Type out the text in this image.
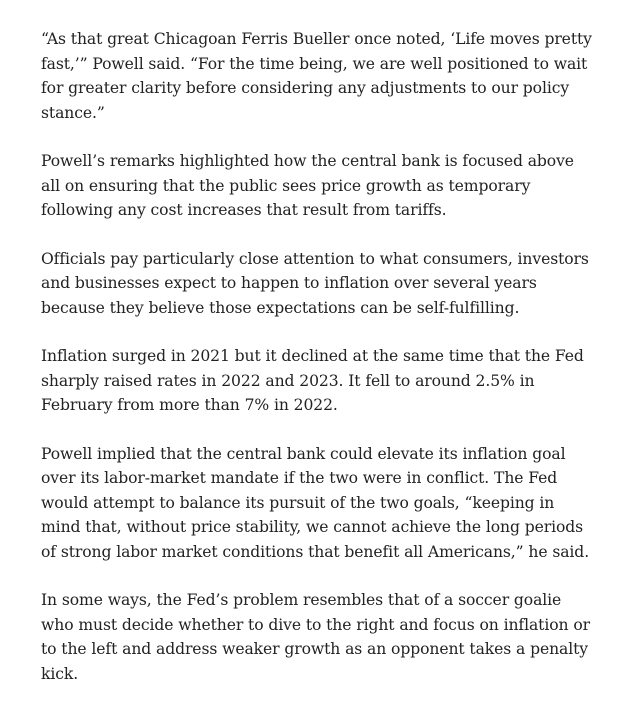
“As that great Chicagoan Ferris Bueller once noted, ‘Life moves pretty fast,’” Powell said. “For the time being, we are well positioned to wait for greater clarity before considering any adjustments to our policy stance.”

Powell’s remarks highlighted how the central bank is focused above all on ensuring that the public sees price growth as temporary following any cost increases that result from tariffs.

Officials pay particularly close attention to what consumers, investors and businesses expect to happen to inflation over several years because they believe those expectations can be self-fulfilling.

Inflation surged in 2021 but it declined at the same time that the Fed sharply raised rates in 2022 and 2023. It fell to around 2.5% in February from more than 7% in 2022.

Powell implied that the central bank could elevate its inflation goal over its labor-market mandate if the two were in conflict. The Fed would attempt to balance its pursuit of the two goals, “keeping in mind that, without price stability, we cannot achieve the long periods of strong labor market conditions that benefit all Americans,” he said.

In some ways, the Fed’s problem resembles that of a soccer goalie who must decide whether to dive to the right and focus on inflation or to the left and address weaker growth as an opponent takes a penalty kick.
